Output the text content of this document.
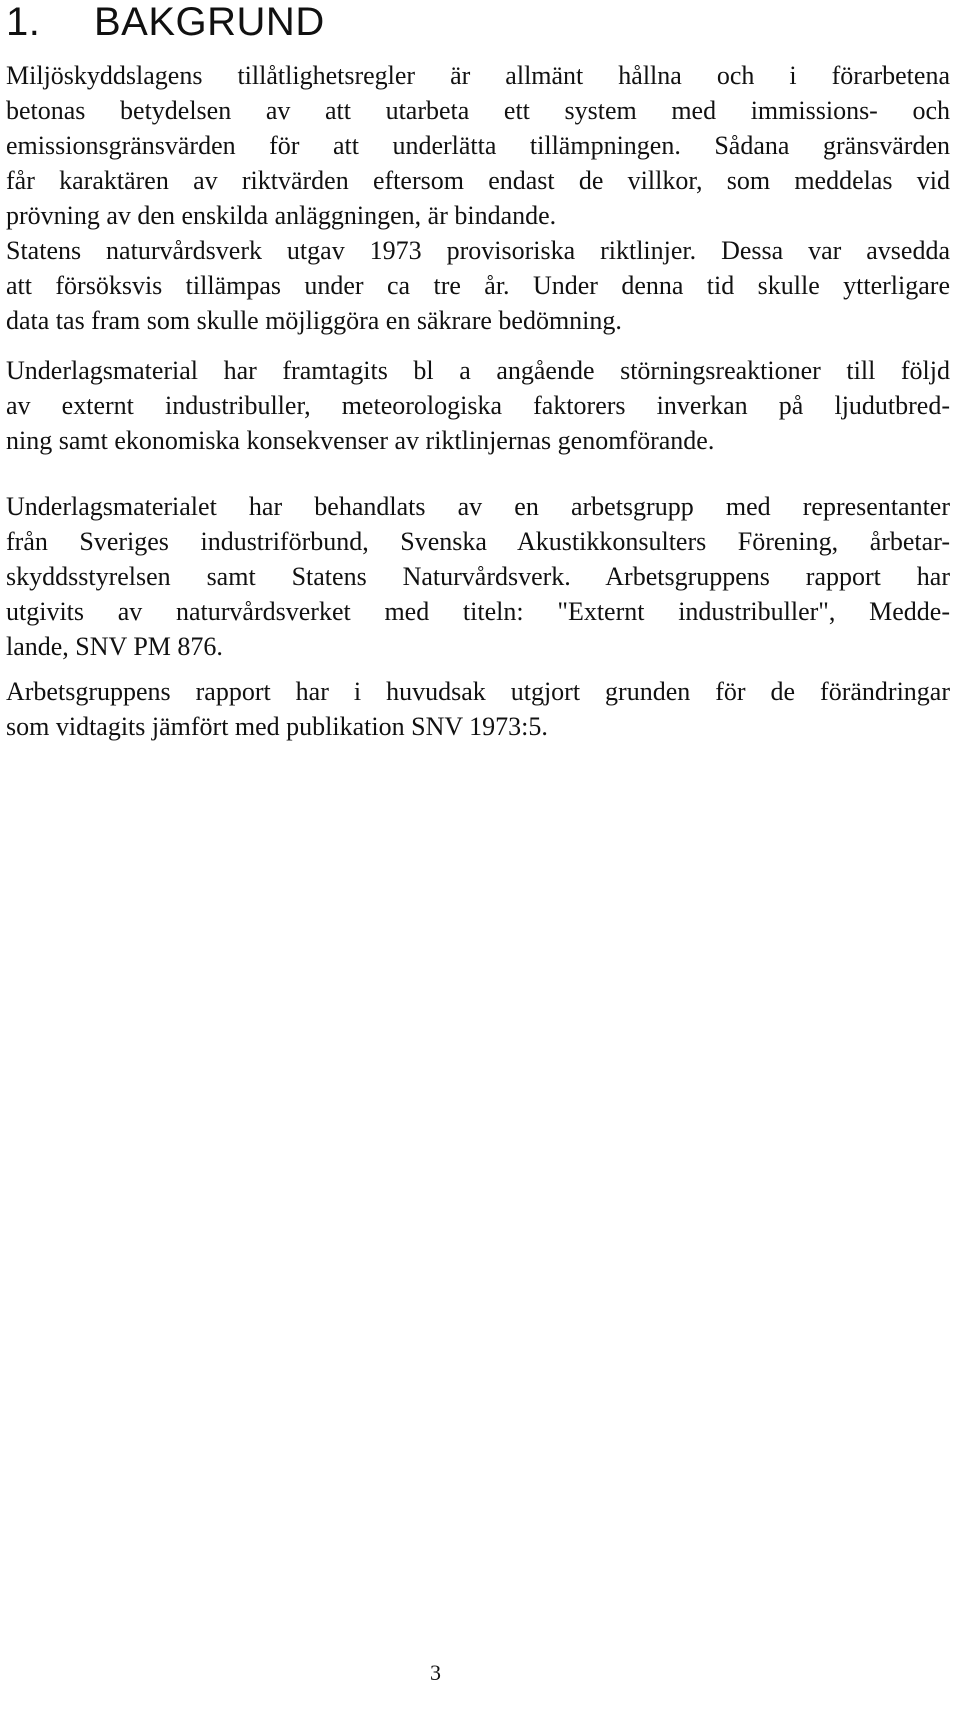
1. BAKGRUND
Miljöskyddslagens tillåtlighetsregler är allmänt hållna och i förarbetena
betonas betydelsen av att utarbeta ett system med immissions- och
emissionsgränsvärden för att underlätta tillämpningen. Sådana gränsvärden
får karaktären av riktvärden eftersom endast de villkor, som meddelas vid
prövning av den enskilda anläggningen, är bindande.
Statens naturvårdsverk utgav 1973 provisoriska riktlinjer. Dessa var avsedda
att försöksvis tillämpas under ca tre år. Under denna tid skulle ytterligare
data tas fram som skulle möjliggöra en säkrare bedömning.
Underlagsmaterial har framtagits bl a angående störningsreaktioner till följd
av externt industribuller, meteorologiska faktorers inverkan på ljudutbred-
ning samt ekonomiska konsekvenser av riktlinjernas genomförande.
Underlagsmaterialet har behandlats av en arbetsgrupp med representanter
från Sveriges industriförbund, Svenska Akustikkonsulters Förening, årbetar-
skyddsstyrelsen samt Statens Naturvårdsverk. Arbetsgruppens rapport har
utgivits av naturvårdsverket med titeln: "Externt industribuller", Medde-
lande, SNV PM 876.
Arbetsgruppens rapport har i huvudsak utgjort grunden för de förändringar
som vidtagits jämfört med publikation SNV 1973:5.

3
